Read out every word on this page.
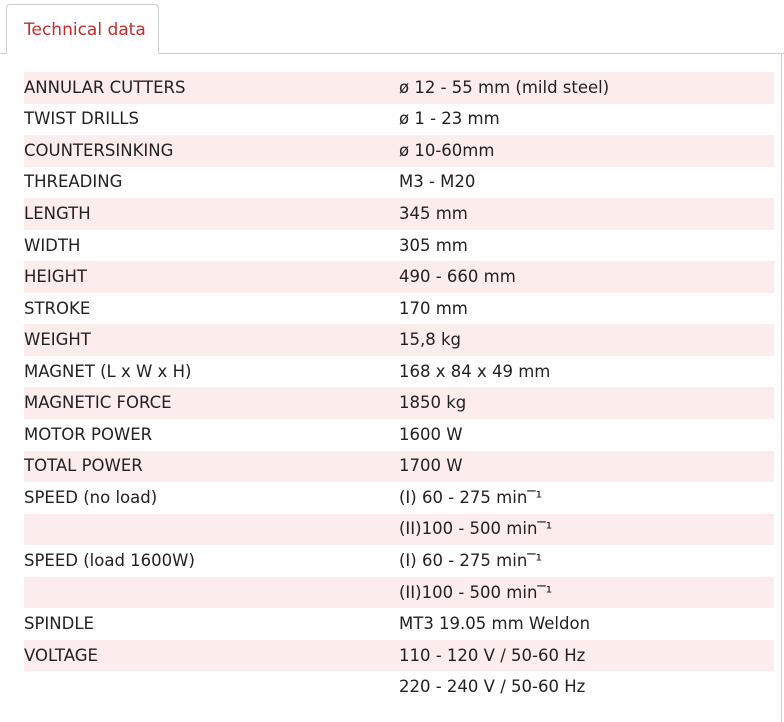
Technical data
ANNULAR CUTTERS	ø 12 - 55 mm (mild steel)
TWIST DRILLS	ø 1 - 23 mm
COUNTERSINKING	ø 10-60mm
THREADING	M3 - M20
LENGTH	345 mm
WIDTH	305 mm
HEIGHT	490 - 660 mm
STROKE	170 mm
WEIGHT	15,8 kg
MAGNET (L x W x H)	168 x 84 x 49 mm
MAGNETIC FORCE	1850 kg
MOTOR POWER	1600 W
TOTAL POWER	1700 W
SPEED (no load)	(I) 60 - 275 min‾¹
	(II)100 - 500 min‾¹
SPEED (load 1600W)	(I) 60 - 275 min‾¹
	(II)100 - 500 min‾¹
SPINDLE	MT3 19.05 mm Weldon
VOLTAGE	110 - 120 V / 50-60 Hz
	220 - 240 V / 50-60 Hz
